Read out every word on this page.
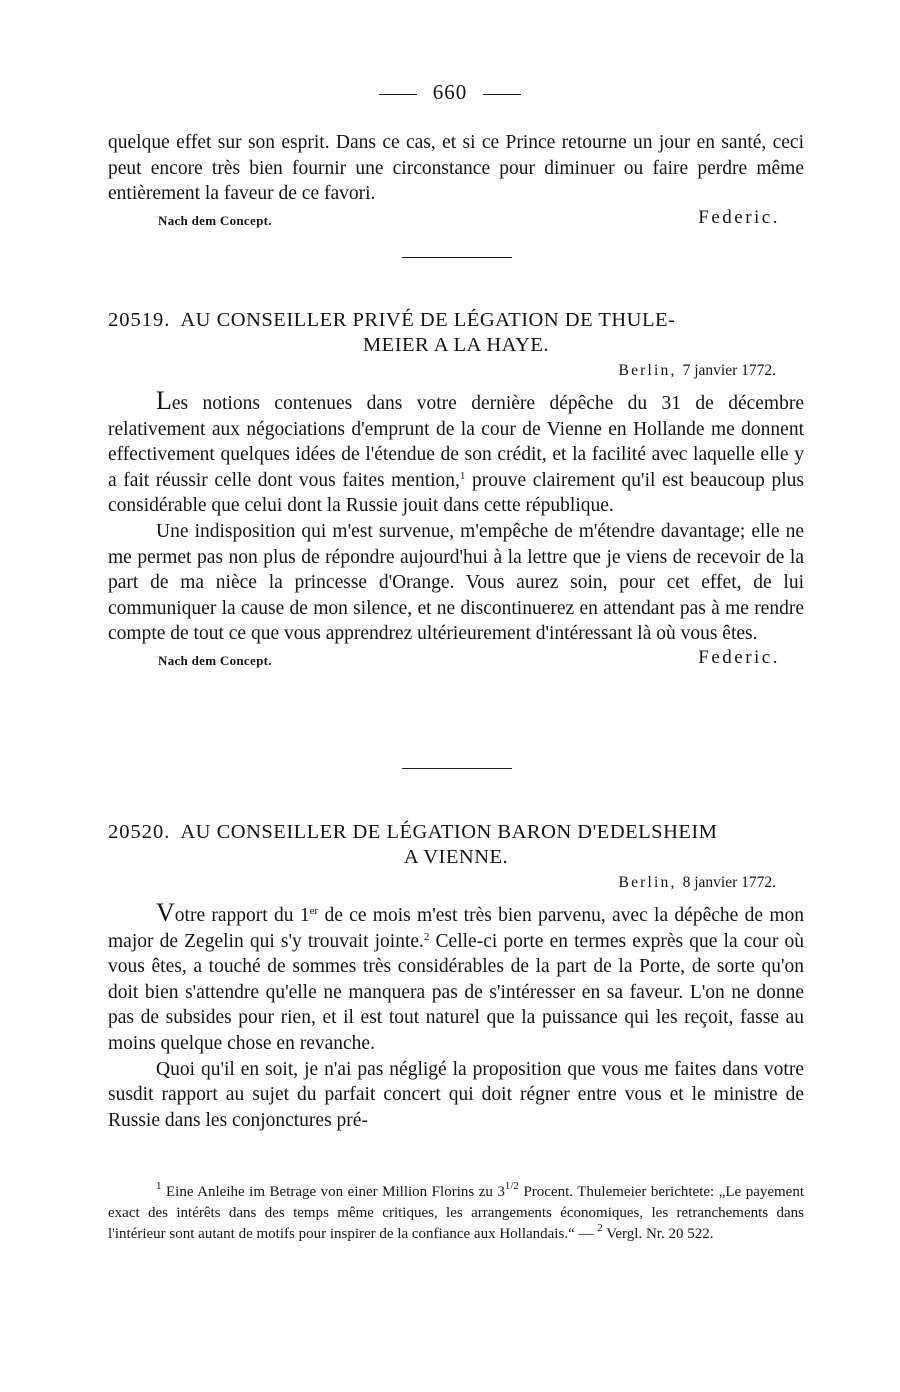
660

quelque effet sur son esprit. Dans ce cas, et si ce Prince retourne un jour en santé, ceci peut encore très bien fournir une circonstance pour diminuer ou faire perdre même entièrement la faveur de ce favori.

Nach dem Concept.	Federic.

20519. AU CONSEILLER PRIVÉ DE LÉGATION DE THULE-
MEIER A LA HAYE.

Berlin, 7 janvier 1772.

Les notions contenues dans votre dernière dépêche du 31 de décembre relativement aux négociations d'emprunt de la cour de Vienne en Hollande me donnent effectivement quelques idées de l'étendue de son crédit, et la facilité avec laquelle elle y a fait réussir celle dont vous faites mention,$^1$ prouve clairement qu'il est beaucoup plus considérable que celui dont la Russie jouit dans cette république.

Une indisposition qui m'est survenue, m'empêche de m'étendre davantage; elle ne me permet pas non plus de répondre aujourd'hui à la lettre que je viens de recevoir de la part de ma nièce la princesse d'Orange. Vous aurez soin, pour cet effet, de lui communiquer la cause de mon silence, et ne discontinuerez en attendant pas à me rendre compte de tout ce que vous apprendrez ultérieurement d'intéressant là où vous êtes.

Nach dem Concept.	Federic.

20520. AU CONSEILLER DE LÉGATION BARON D'EDELSHEIM
A VIENNE.

Berlin, 8 janvier 1772.

Votre rapport du 1er de ce mois m'est très bien parvenu, avec la dépêche de mon major de Zegelin qui s'y trouvait jointe.$^2$ Celle-ci porte en termes exprès que la cour où vous êtes, a touché de sommes très considérables de la part de la Porte, de sorte qu'on doit bien s'attendre qu'elle ne manquera pas de s'intéresser en sa faveur. L'on ne donne pas de subsides pour rien, et il est tout naturel que la puissance qui les reçoit, fasse au moins quelque chose en revanche.

Quoi qu'il en soit, je n'ai pas négligé la proposition que vous me faites dans votre susdit rapport au sujet du parfait concert qui doit régner entre vous et le ministre de Russie dans les conjonctures pré-

$^1$ Eine Anleihe im Betrage von einer Million Florins zu $3^{1/2}$ Procent. Thulemeier berichtete: „Le payement exact des intérêts dans des temps même critiques, les arrangements économiques, les retranchements dans l'intérieur sont autant de motifs pour inspirer de la confiance aux Hollandais.“ — $^2$ Vergl. Nr. 20 522.
